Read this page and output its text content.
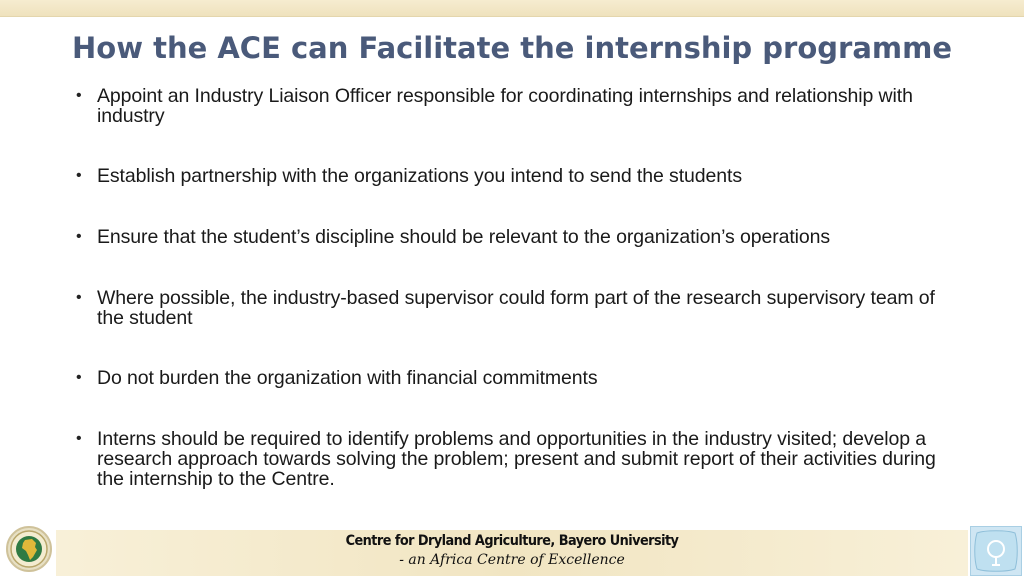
How the ACE can Facilitate the internship programme
• Appoint an Industry Liaison Officer responsible for coordinating internships and relationship with industry
• Establish partnership with the organizations you intend to send the students
• Ensure that the student’s discipline should be relevant to the organization’s operations
• Where possible, the industry-based supervisor could form part of the research supervisory team of the student
• Do not burden the organization with financial commitments
• Interns should be required to identify problems and opportunities in the industry visited; develop a research approach towards solving the problem; present and submit report of their activities during the internship to the Centre.
Centre for Dryland Agriculture, Bayero University
- an Africa Centre of Excellence
